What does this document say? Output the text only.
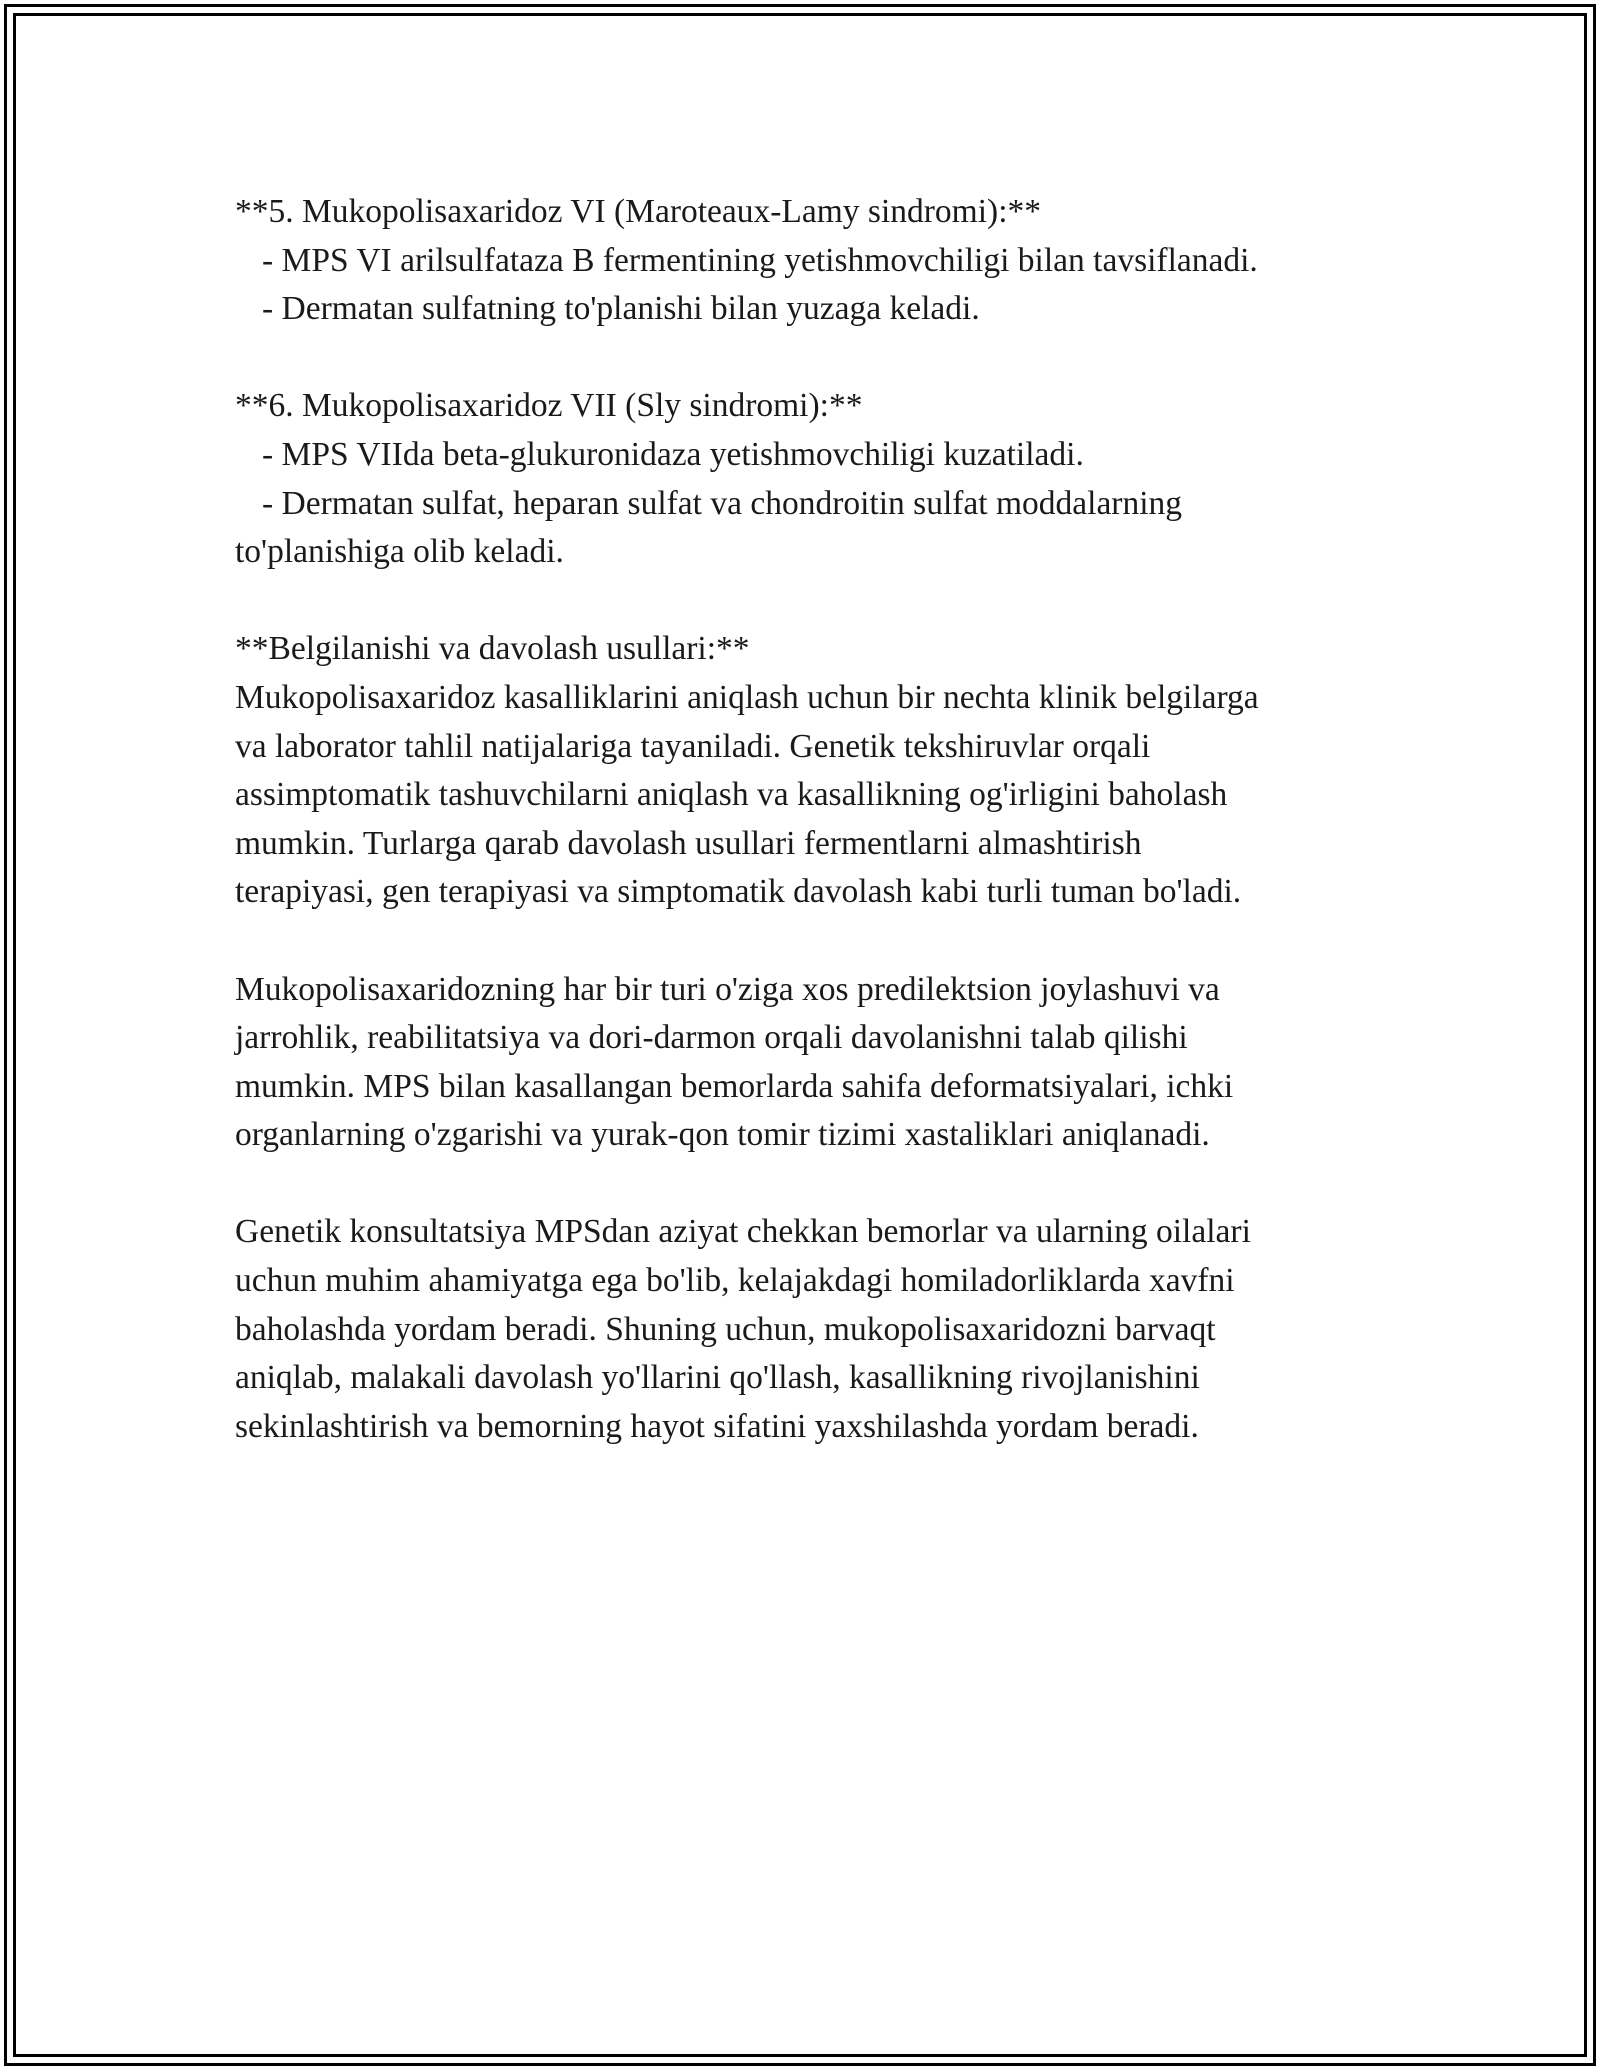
**5. Mukopolisaxaridoz VI (Maroteaux-Lamy sindromi):**

- MPS VI arilsulfataza B fermentining yetishmovchiligi bilan tavsiflanadi.

- Dermatan sulfatning to'planishi bilan yuzaga keladi.

**6. Mukopolisaxaridoz VII (Sly sindromi):**

- MPS VIIda beta-glukuronidaza yetishmovchiligi kuzatiladi.

- Dermatan sulfat, heparan sulfat va chondroitin sulfat moddalarning

to'planishiga olib keladi.

**Belgilanishi va davolash usullari:**

Mukopolisaxaridoz kasalliklarini aniqlash uchun bir nechta klinik belgilarga

va laborator tahlil natijalariga tayaniladi. Genetik tekshiruvlar orqali

assimptomatik tashuvchilarni aniqlash va kasallikning og'irligini baholash

mumkin. Turlarga qarab davolash usullari fermentlarni almashtirish

terapiyasi, gen terapiyasi va simptomatik davolash kabi turli tuman bo'ladi.

Mukopolisaxaridozning har bir turi o'ziga xos predilektsion joylashuvi va

jarrohlik, reabilitatsiya va dori-darmon orqali davolanishni talab qilishi

mumkin. MPS bilan kasallangan bemorlarda sahifa deformatsiyalari, ichki

organlarning o'zgarishi va yurak-qon tomir tizimi xastaliklari aniqlanadi.

Genetik konsultatsiya MPSdan aziyat chekkan bemorlar va ularning oilalari

uchun muhim ahamiyatga ega bo'lib, kelajakdagi homiladorliklarda xavfni

baholashda yordam beradi. Shuning uchun, mukopolisaxaridozni barvaqt

aniqlab, malakali davolash yo'llarini qo'llash, kasallikning rivojlanishini

sekinlashtirish va bemorning hayot sifatini yaxshilashda yordam beradi.
